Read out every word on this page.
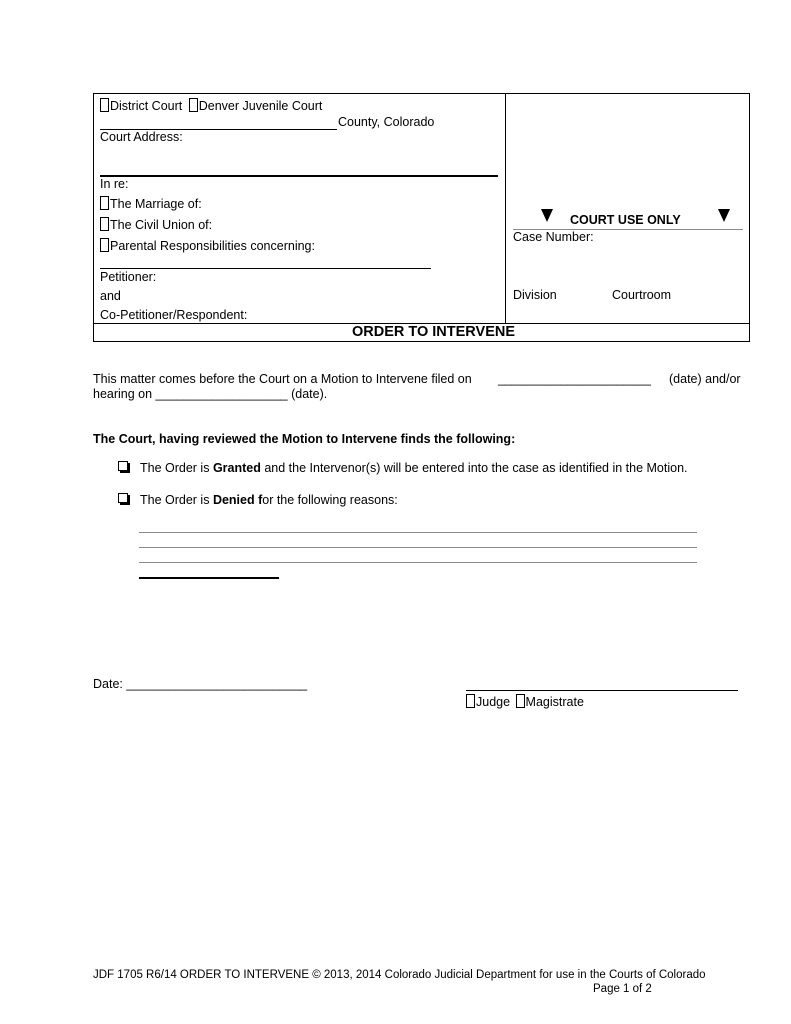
District Court Denver Juvenile Court
County, Colorado
Court Address:
In re:
The Marriage of:
The Civil Union of:
Parental Responsibilities concerning:
Petitioner:
and
Co-Petitioner/Respondent:
COURT USE ONLY
Case Number:
Division	Courtroom
ORDER TO INTERVENE
This matter comes before the Court on a Motion to Intervene filed on ______________________ (date) and/or
hearing on ___________________ (date).
The Court, having reviewed the Motion to Intervene finds the following:
The Order is Granted and the Intervenor(s) will be entered into the case as identified in the Motion.
The Order is Denied for the following reasons:
Date: __________________________
Judge Magistrate
JDF 1705 R6/14 ORDER TO INTERVENE © 2013, 2014 Colorado Judicial Department for use in the Courts of Colorado
Page 1 of 2
